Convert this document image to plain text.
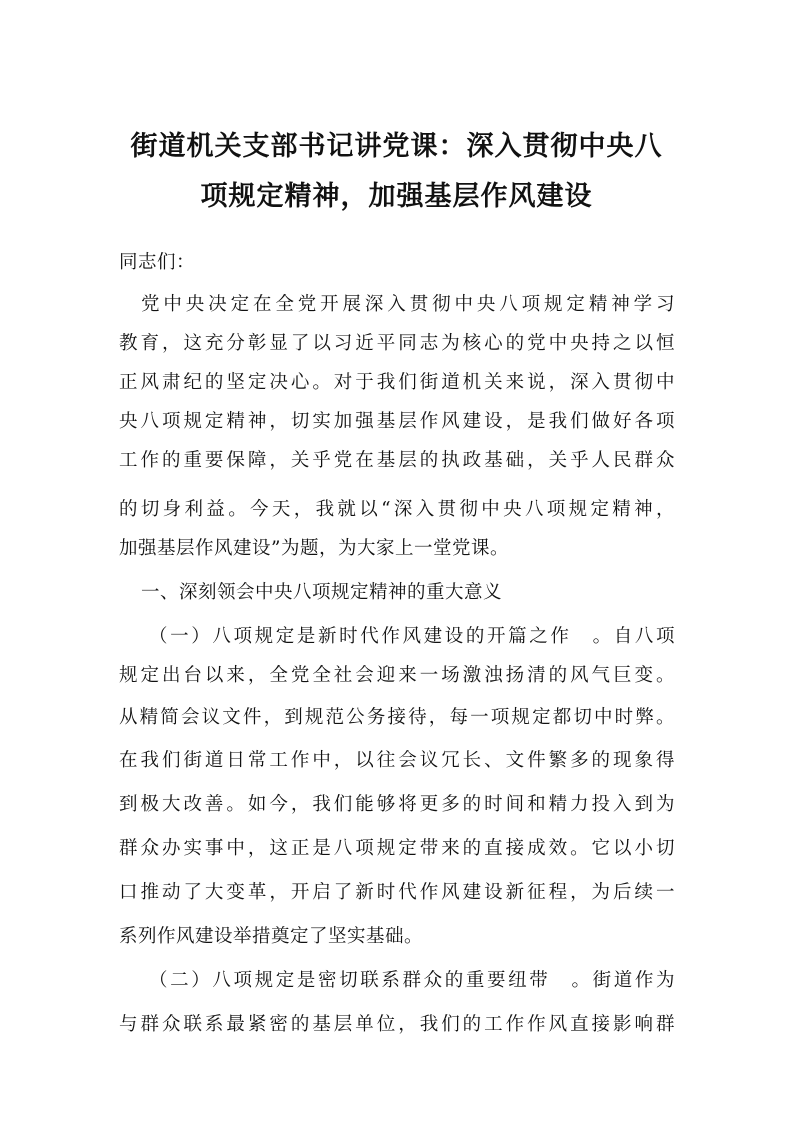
街道机关支部书记讲党课：深入贯彻中央八
项规定精神，加强基层作风建设
同志们：
党中央决定在全党开展深入贯彻中央八项规定精神学习
教育，这充分彰显了以习近平同志为核心的党中央持之以恒
正风肃纪的坚定决心。对于我们街道机关来说，深入贯彻中
央八项规定精神，切实加强基层作风建设，是我们做好各项
工作的重要保障，关乎党在基层的执政基础，关乎人民群众
的切身利益。今天，我就以“深入贯彻中央八项规定精神，
加强基层作风建设”为题，为大家上一堂党课。
一、深刻领会中央八项规定精神的重大意义
（一）八项规定是新时代作风建设的开篇之作　。自八项
规定出台以来，全党全社会迎来一场激浊扬清的风气巨变。
从精简会议文件，到规范公务接待，每一项规定都切中时弊。
在我们街道日常工作中，以往会议冗长、文件繁多的现象得
到极大改善。如今，我们能够将更多的时间和精力投入到为
群众办实事中，这正是八项规定带来的直接成效。它以小切
口推动了大变革，开启了新时代作风建设新征程，为后续一
系列作风建设举措奠定了坚实基础。
（二）八项规定是密切联系群众的重要纽带　。街道作为
与群众联系最紧密的基层单位，我们的工作作风直接影响群
